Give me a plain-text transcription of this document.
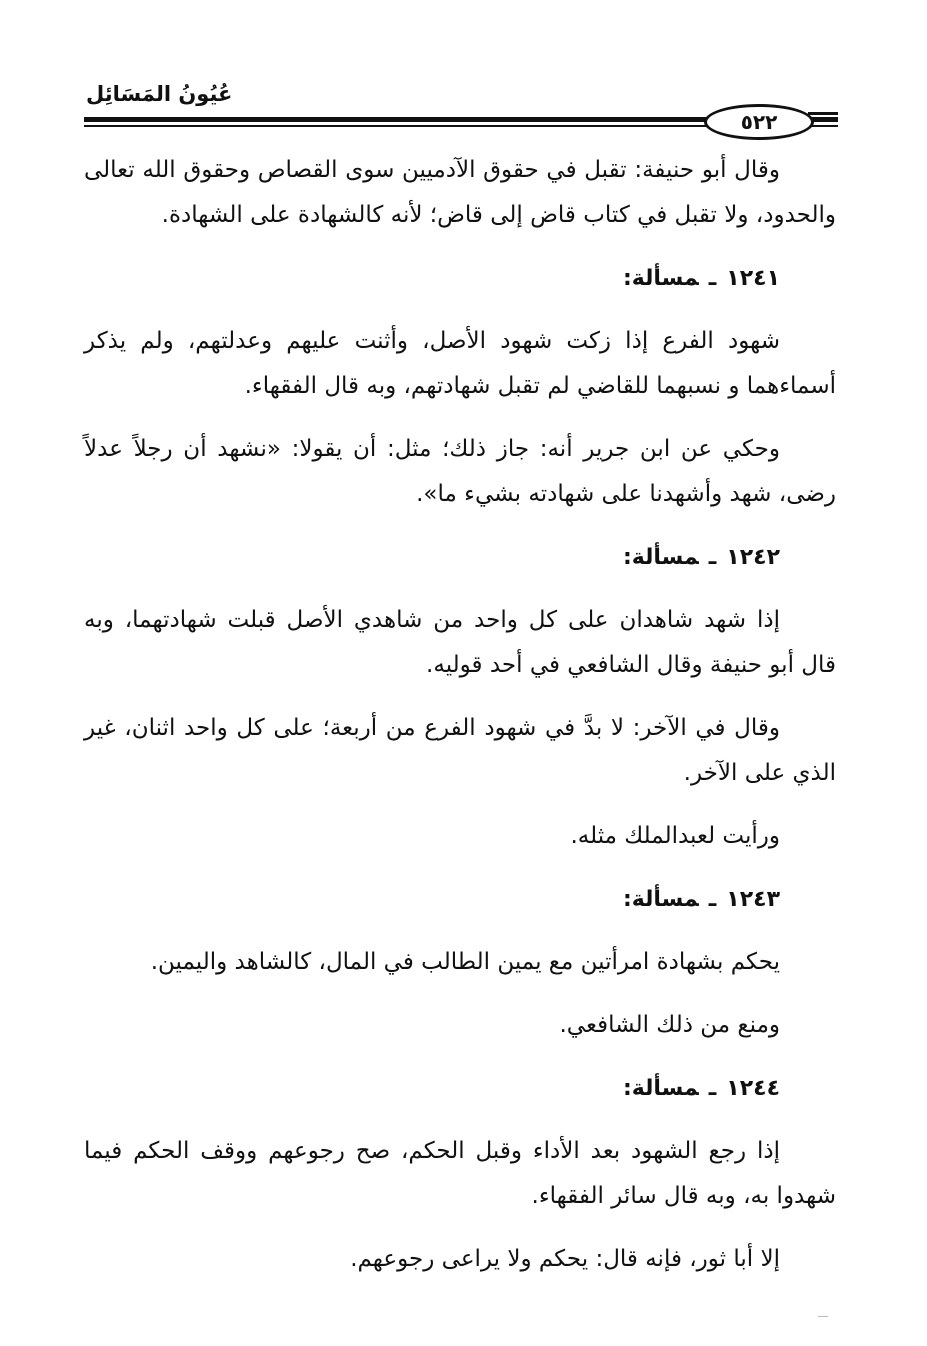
عُيُونُ المَسَائِل
٥٢٢

وقال أبو حنيفة: تقبل في حقوق الآدميين سوى القصاص وحقوق الله تعالى والحدود، ولا تقبل في كتاب قاض إلى قاض؛ لأنه كالشهادة على الشهادة.

١٢٤١ـمسألة:

شهود الفرع إذا زكت شهود الأصل، وأثنت عليهم وعدلتهم، ولم يذكر أسماءهما و نسبهما للقاضي لم تقبل شهادتهم، وبه قال الفقهاء.

وحكي عن ابن جرير أنه: جاز ذلك؛ مثل: أن يقولا: «نشهد أن رجلاً عدلاً رضى، شهد وأشهدنا على شهادته بشيء ما».

١٢٤٢ـمسألة:

إذا شهد شاهدان على كل واحد من شاهدي الأصل قبلت شهادتهما، وبه قال أبو حنيفة وقال الشافعي في أحد قوليه.

وقال في الآخر: لا بدَّ في شهود الفرع من أربعة؛ على كل واحد اثنان، غير الذي على الآخر.

ورأيت لعبدالملك مثله.

١٢٤٣ـمسألة:

يحكم بشهادة امرأتين مع يمين الطالب في المال، كالشاهد واليمين.

ومنع من ذلك الشافعي.

١٢٤٤ـمسألة:

إذا رجع الشهود بعد الأداء وقبل الحكم، صح رجوعهم ووقف الحكم فيما شهدوا به، وبه قال سائر الفقهاء.

إلا أبا ثور، فإنه قال: يحكم ولا يراعى رجوعهم.
